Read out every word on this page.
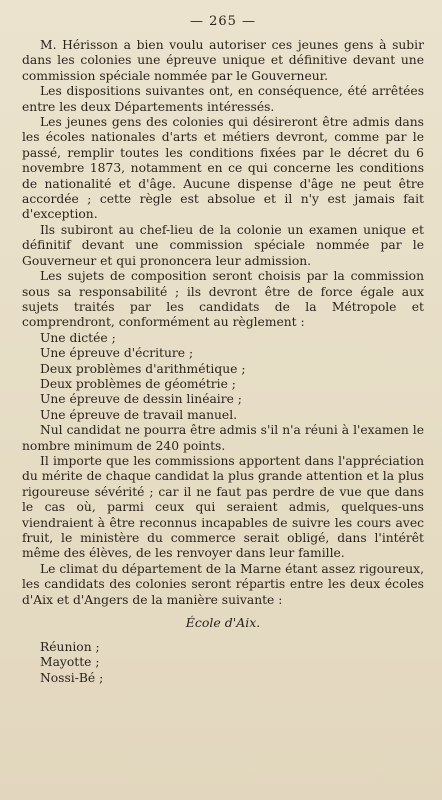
— 265 —

M. Hérisson a bien voulu autoriser ces jeunes gens à subir dans les colonies une épreuve unique et définitive devant une commission spéciale nommée par le Gouverneur.

Les dispositions suivantes ont, en conséquence, été arrêtées entre les deux Départements intéressés.

Les jeunes gens des colonies qui désireront être admis dans les écoles nationales d'arts et métiers devront, comme par le passé, remplir toutes les conditions fixées par le décret du 6 novembre 1873, notamment en ce qui concerne les conditions de nationalité et d'âge. Aucune dispense d'âge ne peut être accordée ; cette règle est absolue et il n'y est jamais fait d'exception.

Ils subiront au chef-lieu de la colonie un examen unique et définitif devant une commission spéciale nommée par le Gouverneur et qui prononcera leur admission.

Les sujets de composition seront choisis par la commission sous sa responsabilité ; ils devront être de force égale aux sujets traités par les candidats de la Métropole et comprendront, conformément au règlement :

Une dictée ;
Une épreuve d'écriture ;
Deux problèmes d'arithmétique ;
Deux problèmes de géométrie ;
Une épreuve de dessin linéaire ;
Une épreuve de travail manuel.

Nul candidat ne pourra être admis s'il n'a réuni à l'examen le nombre minimum de 240 points.

Il importe que les commissions apportent dans l'appréciation du mérite de chaque candidat la plus grande attention et la plus rigoureuse sévérité ; car il ne faut pas perdre de vue que dans le cas où, parmi ceux qui seraient admis, quelques-uns viendraient à être reconnus incapables de suivre les cours avec fruit, le ministère du commerce serait obligé, dans l'intérêt même des élèves, de les renvoyer dans leur famille.

Le climat du département de la Marne étant assez rigoureux, les candidats des colonies seront répartis entre les deux écoles d'Aix et d'Angers de la manière suivante :

École d'Aix.
Réunion ;
Mayotte ;
Nossi-Bé ;
